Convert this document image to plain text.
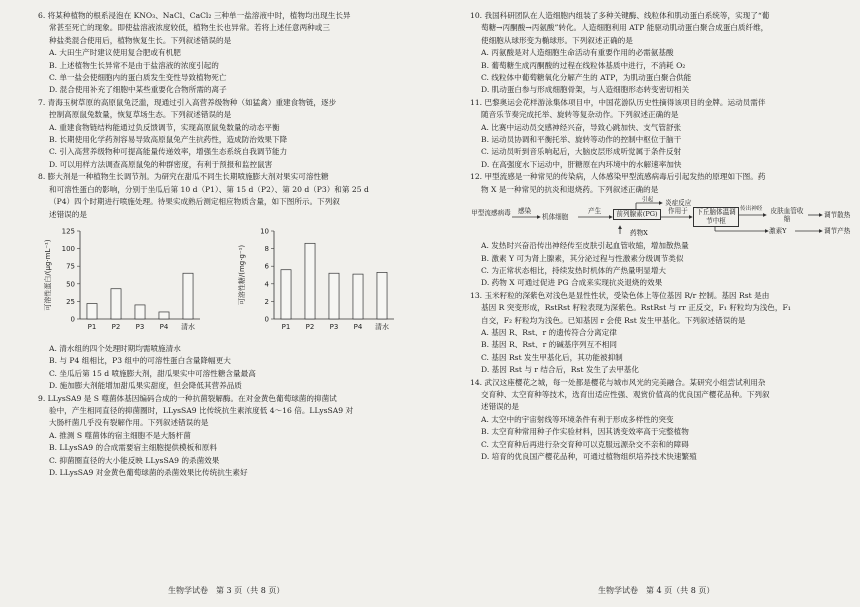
6. 将某种植物的根系浸泡在 KNO₃、NaCl、CaCl₂ 三种单一盐溶液中时，植物均出现生长异
常甚至死亡的现象。即使盐溶液浓度较低，植物生长也异常。若将上述任意两种或三
种盐类混合使用后，植物恢复生长。下列叙述错误的是
A. 大田生产时建议使用复合肥或有机肥
B. 上述植物生长异常不是由于盐溶液的浓度引起的
C. 单一盐会使细胞内的蛋白质发生变性导致植物死亡
D. 混合使用补充了细胞中某些重要化合物所需的离子
7. 青海玉树草原的高原鼠兔泛滥，现通过引入高营养级物种（如猛禽）重建食物链，逐步
控制高原鼠兔数量，恢复草场生态。下列叙述错误的是
A. 重建食物链结构能通过负反馈调节，实现高原鼠兔数量的动态平衡
B. 长期使用化学药剂容易导致高原鼠兔产生抗药性，造成防治效果下降
C. 引入高营养级物种可提高能量传递效率，增强生态系统自我调节能力
D. 可以用样方法调查高原鼠兔的种群密度，有利于预报和监控鼠害
8. 膨大剂是一种植物生长调节剂。为研究在甜瓜不同生长期喷施膨大剂对果实可溶性糖
和可溶性蛋白的影响，分别于坐瓜后第 10 d（P1）、第 15 d（P2）、第 20 d（P3）和第 25 d
（P4）四个时期进行喷施处理。待果实成熟后测定相应物质含量，如下图所示。下列叙
述错误的是
0
25
50
75
100
125
P1 P2 P3 P4 清水
可溶性蛋白/(μg·mL⁻¹)
0
2
4
6
8
10
P1 P2 P3 P4 清水
可溶性糖/(mg·g⁻¹)
A. 清水组的四个处理时期均需喷施清水
B. 与 P4 组相比，P3 组中的可溶性蛋白含量降幅更大
C. 坐瓜后第 15 d 喷施膨大剂，甜瓜果实中可溶性糖含量最高
D. 施加膨大剂能增加甜瓜果实甜度，但会降低其营养品质
9. LLysSA9 是 S 噬菌体基因编码合成的一种抗菌裂解酶。在对金黄色葡萄球菌的抑菌试
验中，产生相同直径的抑菌圈时，LLysSA9 比传统抗生素浓度低 4～16 倍。LLysSA9 对
大肠杆菌几乎没有裂解作用。下列叙述错误的是
A. 推测 S 噬菌体的宿主细胞不是大肠杆菌
B. LLysSA9 的合成需要宿主细胞提供模板和原料
C. 抑菌圈直径的大小能反映 LLysSA9 的杀菌效果
D. LLysSA9 对金黄色葡萄球菌的杀菌效果比传统抗生素好
生物学试卷　第 3 页（共 8 页）
10. 我国科研团队在人造细胞内组装了多种关键酶、线粒体和肌动蛋白系统等，实现了“葡
萄糖→丙酮酸→丙氨酸”转化。人造细胞利用 ATP 能驱动肌动蛋白聚合成蛋白质纤维，
使细胞从球形变为椭球形。下列叙述正确的是
A. 丙氨酸是对人造细胞生命活动有重要作用的必需氨基酸
B. 葡萄糖生成丙酮酸的过程在线粒体基质中进行，不消耗 O₂
C. 线粒体中葡萄糖氧化分解产生的 ATP，为肌动蛋白聚合供能
D. 肌动蛋白参与形成细胞骨架，与人造细胞形态转变密切相关
11. 巴黎奥运会花样游泳集体项目中，中国花游队历史性摘得该项目的金牌。运动员需伴
随音乐节奏完成托举、旋转等复杂动作。下列叙述正确的是
A. 比赛中运动员交感神经兴奋，导致心跳加快、支气管舒张
B. 运动员协调和平衡托举、旋转等动作的控制中枢位于脑干
C. 运动员听到音乐响起后，大脑皮层形成听觉属于条件反射
D. 在高强度水下运动中，肝糖原在内环境中的水解速率加快
12. 甲型流感是一种常见的传染病，人体感染甲型流感病毒后引起发热的原理如下图。药
物 X 是一种常见的抗炎和退烧药。下列叙述正确的是
甲型流感病毒 感染
机体细胞
产生	前列腺素(PG)	作用于	下丘脑体温调节中枢
药物X
炎症反应
引起
传出神经	皮肤血管收缩
激素Y
调节散热
调节产热
A. 发热时兴奋沿传出神经传至皮肤引起血管收缩，增加散热量
B. 激素 Y 可为肾上腺素，其分泌过程与性激素分级调节类似
C. 为正常状态相比，持续发热时机体的产热量明显增大
D. 药物 X 可通过促进 PG 合成来实现抗炎退烧的效果
13. 玉米籽粒的深紫色对浅色是显性性状，受染色体上等位基因 R/r 控制。基因 Rst 是由
基因 R 突变形成，RstRst 籽粒表现为深紫色。RstRst 与 rr 正反交，F₁ 籽粒均为浅色，F₁
自交，F₂ 籽粒均为浅色。已知基因 r 会使 Rst 发生甲基化。下列叙述错误的是
A. 基因 R、Rst、r 的遗传符合分离定律
B. 基因 R、Rst、r 的碱基序列互不相同
C. 基因 Rst 发生甲基化后，其功能被抑制
D. 基因 Rst 与 r 结合后，Rst 发生了去甲基化
14. 武汉这座樱花之城，每一处都是樱花与城市风光的完美融合。某研究小组尝试利用杂
交育种、太空育种等技术，选育出适应性强、观赏价值高的优良国产樱花品种。下列叙
述错误的是
A. 太空中的宇宙射线等环境条件有利于形成多样性的突变
B. 太空育种常用种子作实验材料，因其诱变效率高于完整植物
C. 太空育种后再进行杂交育种可以克服远源杂交不亲和的障碍
D. 培育的优良国产樱花品种，可通过植物组织培养技术快速繁殖
生物学试卷　第 4 页（共 8 页）
